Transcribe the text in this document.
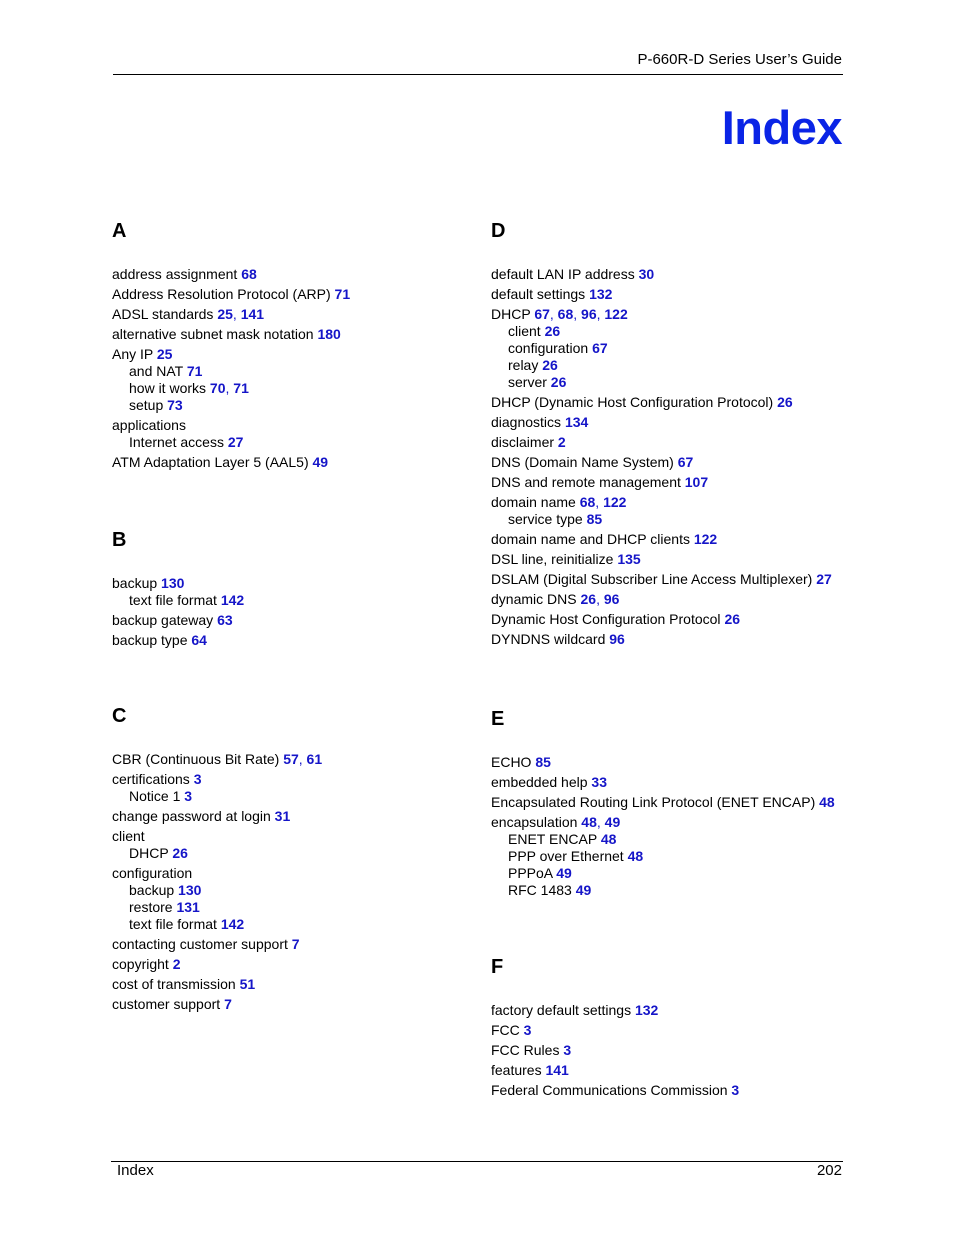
P-660R-D Series User’s Guide
Index
A
address assignment 68
Address Resolution Protocol (ARP) 71
ADSL standards 25, 141
alternative subnet mask notation 180
Any IP 25
and NAT 71
how it works 70, 71
setup 73
applications
Internet access 27
ATM Adaptation Layer 5 (AAL5) 49
B
backup 130
text file format 142
backup gateway 63
backup type 64
C
CBR (Continuous Bit Rate) 57, 61
certifications 3
Notice 1 3
change password at login 31
client
DHCP 26
configuration
backup 130
restore 131
text file format 142
contacting customer support 7
copyright 2
cost of transmission 51
customer support 7
D
default LAN IP address 30
default settings 132
DHCP 67, 68, 96, 122
client 26
configuration 67
relay 26
server 26
DHCP (Dynamic Host Configuration Protocol) 26
diagnostics 134
disclaimer 2
DNS (Domain Name System) 67
DNS and remote management 107
domain name 68, 122
service type 85
domain name and DHCP clients 122
DSL line, reinitialize 135
DSLAM (Digital Subscriber Line Access Multiplexer) 27
dynamic DNS 26, 96
Dynamic Host Configuration Protocol 26
DYNDNS wildcard 96
E
ECHO 85
embedded help 33
Encapsulated Routing Link Protocol (ENET ENCAP) 48
encapsulation 48, 49
ENET ENCAP 48
PPP over Ethernet 48
PPPoA 49
RFC 1483 49
F
factory default settings 132
FCC 3
FCC Rules 3
features 141
Federal Communications Commission 3
Index	202
